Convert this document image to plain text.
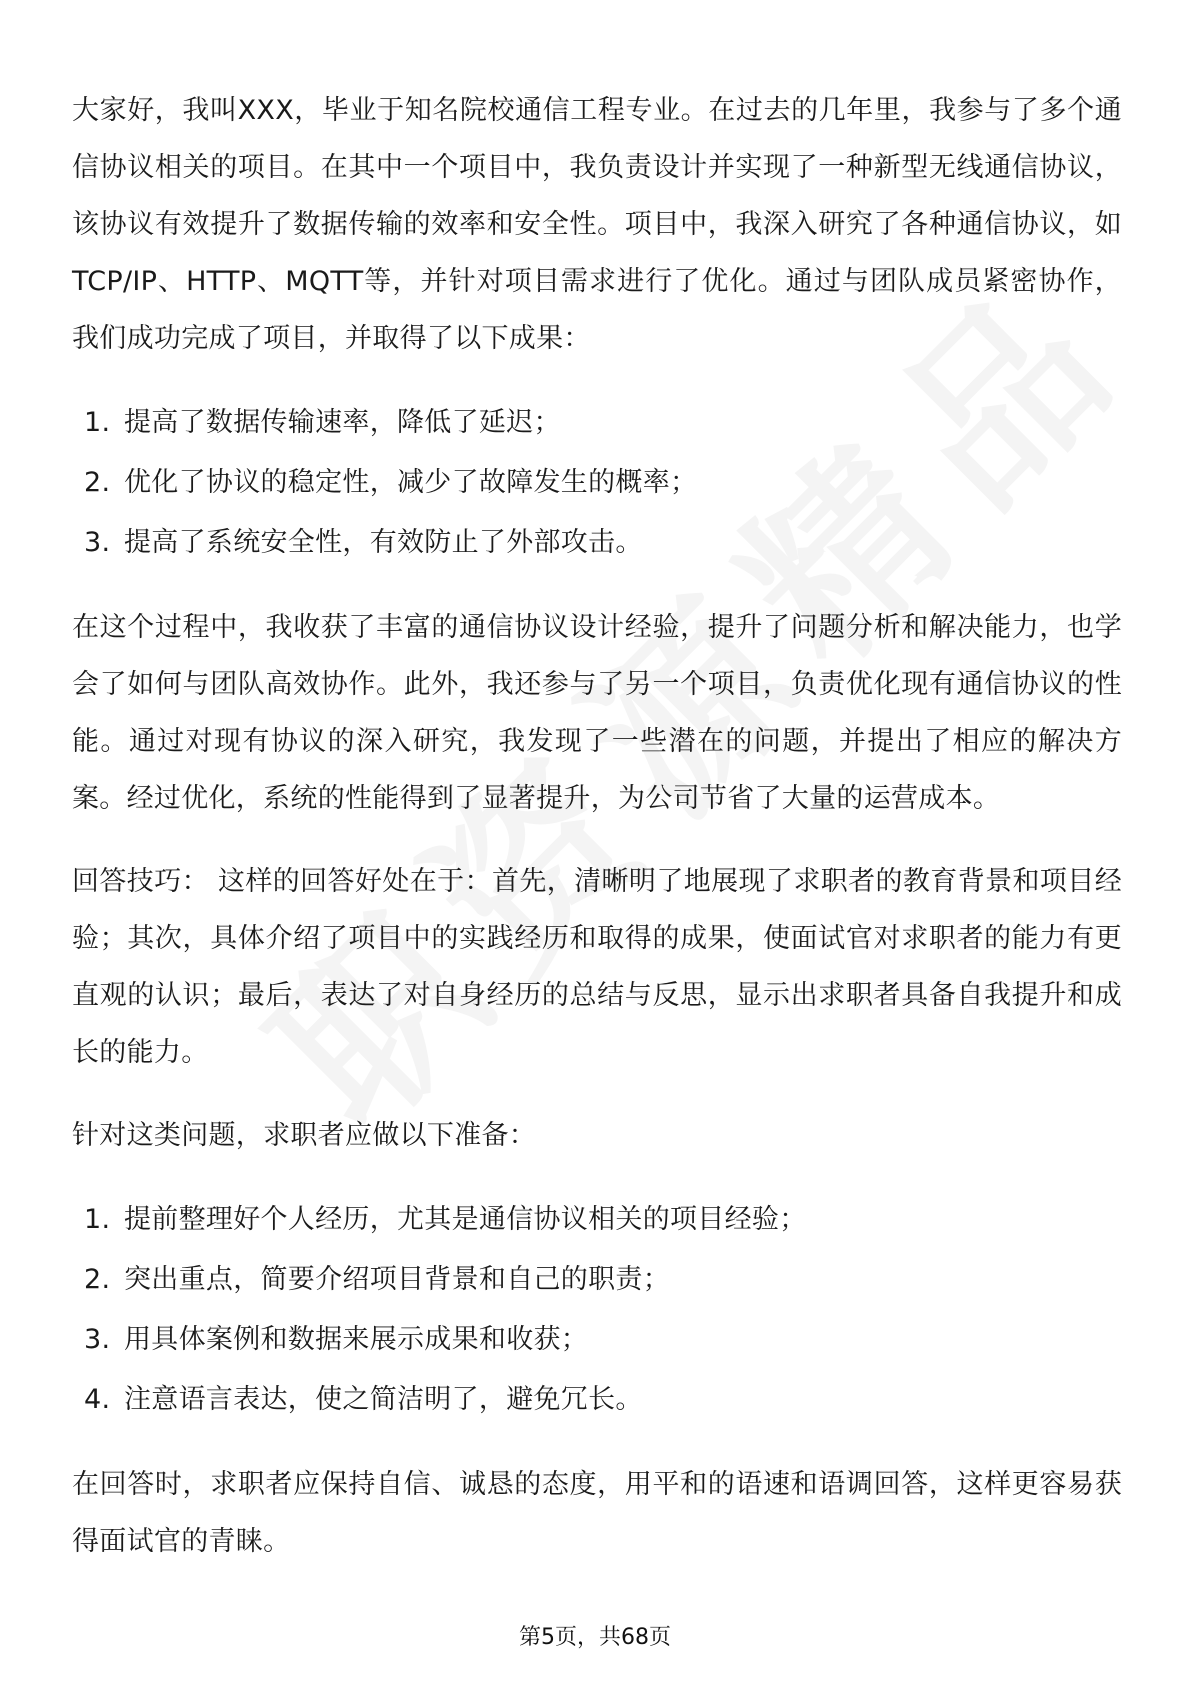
大家好，我叫XXX，毕业于知名院校通信工程专业。在过去的几年里，我参与了多个通信协议相关的项目。在其中一个项目中，我负责设计并实现了一种新型无线通信协议，该协议有效提升了数据传输的效率和安全性。项目中，我深入研究了各种通信协议，如TCP/IP、HTTP、MQTT等，并针对项目需求进行了优化。通过与团队成员紧密协作，我们成功完成了项目，并取得了以下成果：

1. 提高了数据传输速率，降低了延迟；
2. 优化了协议的稳定性，减少了故障发生的概率；
3. 提高了系统安全性，有效防止了外部攻击。

在这个过程中，我收获了丰富的通信协议设计经验，提升了问题分析和解决能力，也学会了如何与团队高效协作。此外，我还参与了另一个项目，负责优化现有通信协议的性能。通过对现有协议的深入研究，我发现了一些潜在的问题，并提出了相应的解决方案。经过优化，系统的性能得到了显著提升，为公司节省了大量的运营成本。

回答技巧： 这样的回答好处在于：首先，清晰明了地展现了求职者的教育背景和项目经验；其次，具体介绍了项目中的实践经历和取得的成果，使面试官对求职者的能力有更直观的认识；最后，表达了对自身经历的总结与反思，显示出求职者具备自我提升和成长的能力。

针对这类问题，求职者应做以下准备：

1. 提前整理好个人经历，尤其是通信协议相关的项目经验；
2. 突出重点，简要介绍项目背景和自己的职责；
3. 用具体案例和数据来展示成果和收获；
4. 注意语言表达，使之简洁明了，避免冗长。

在回答时，求职者应保持自信、诚恳的态度，用平和的语速和语调回答，这样更容易获得面试官的青睐。

第5页，共68页
